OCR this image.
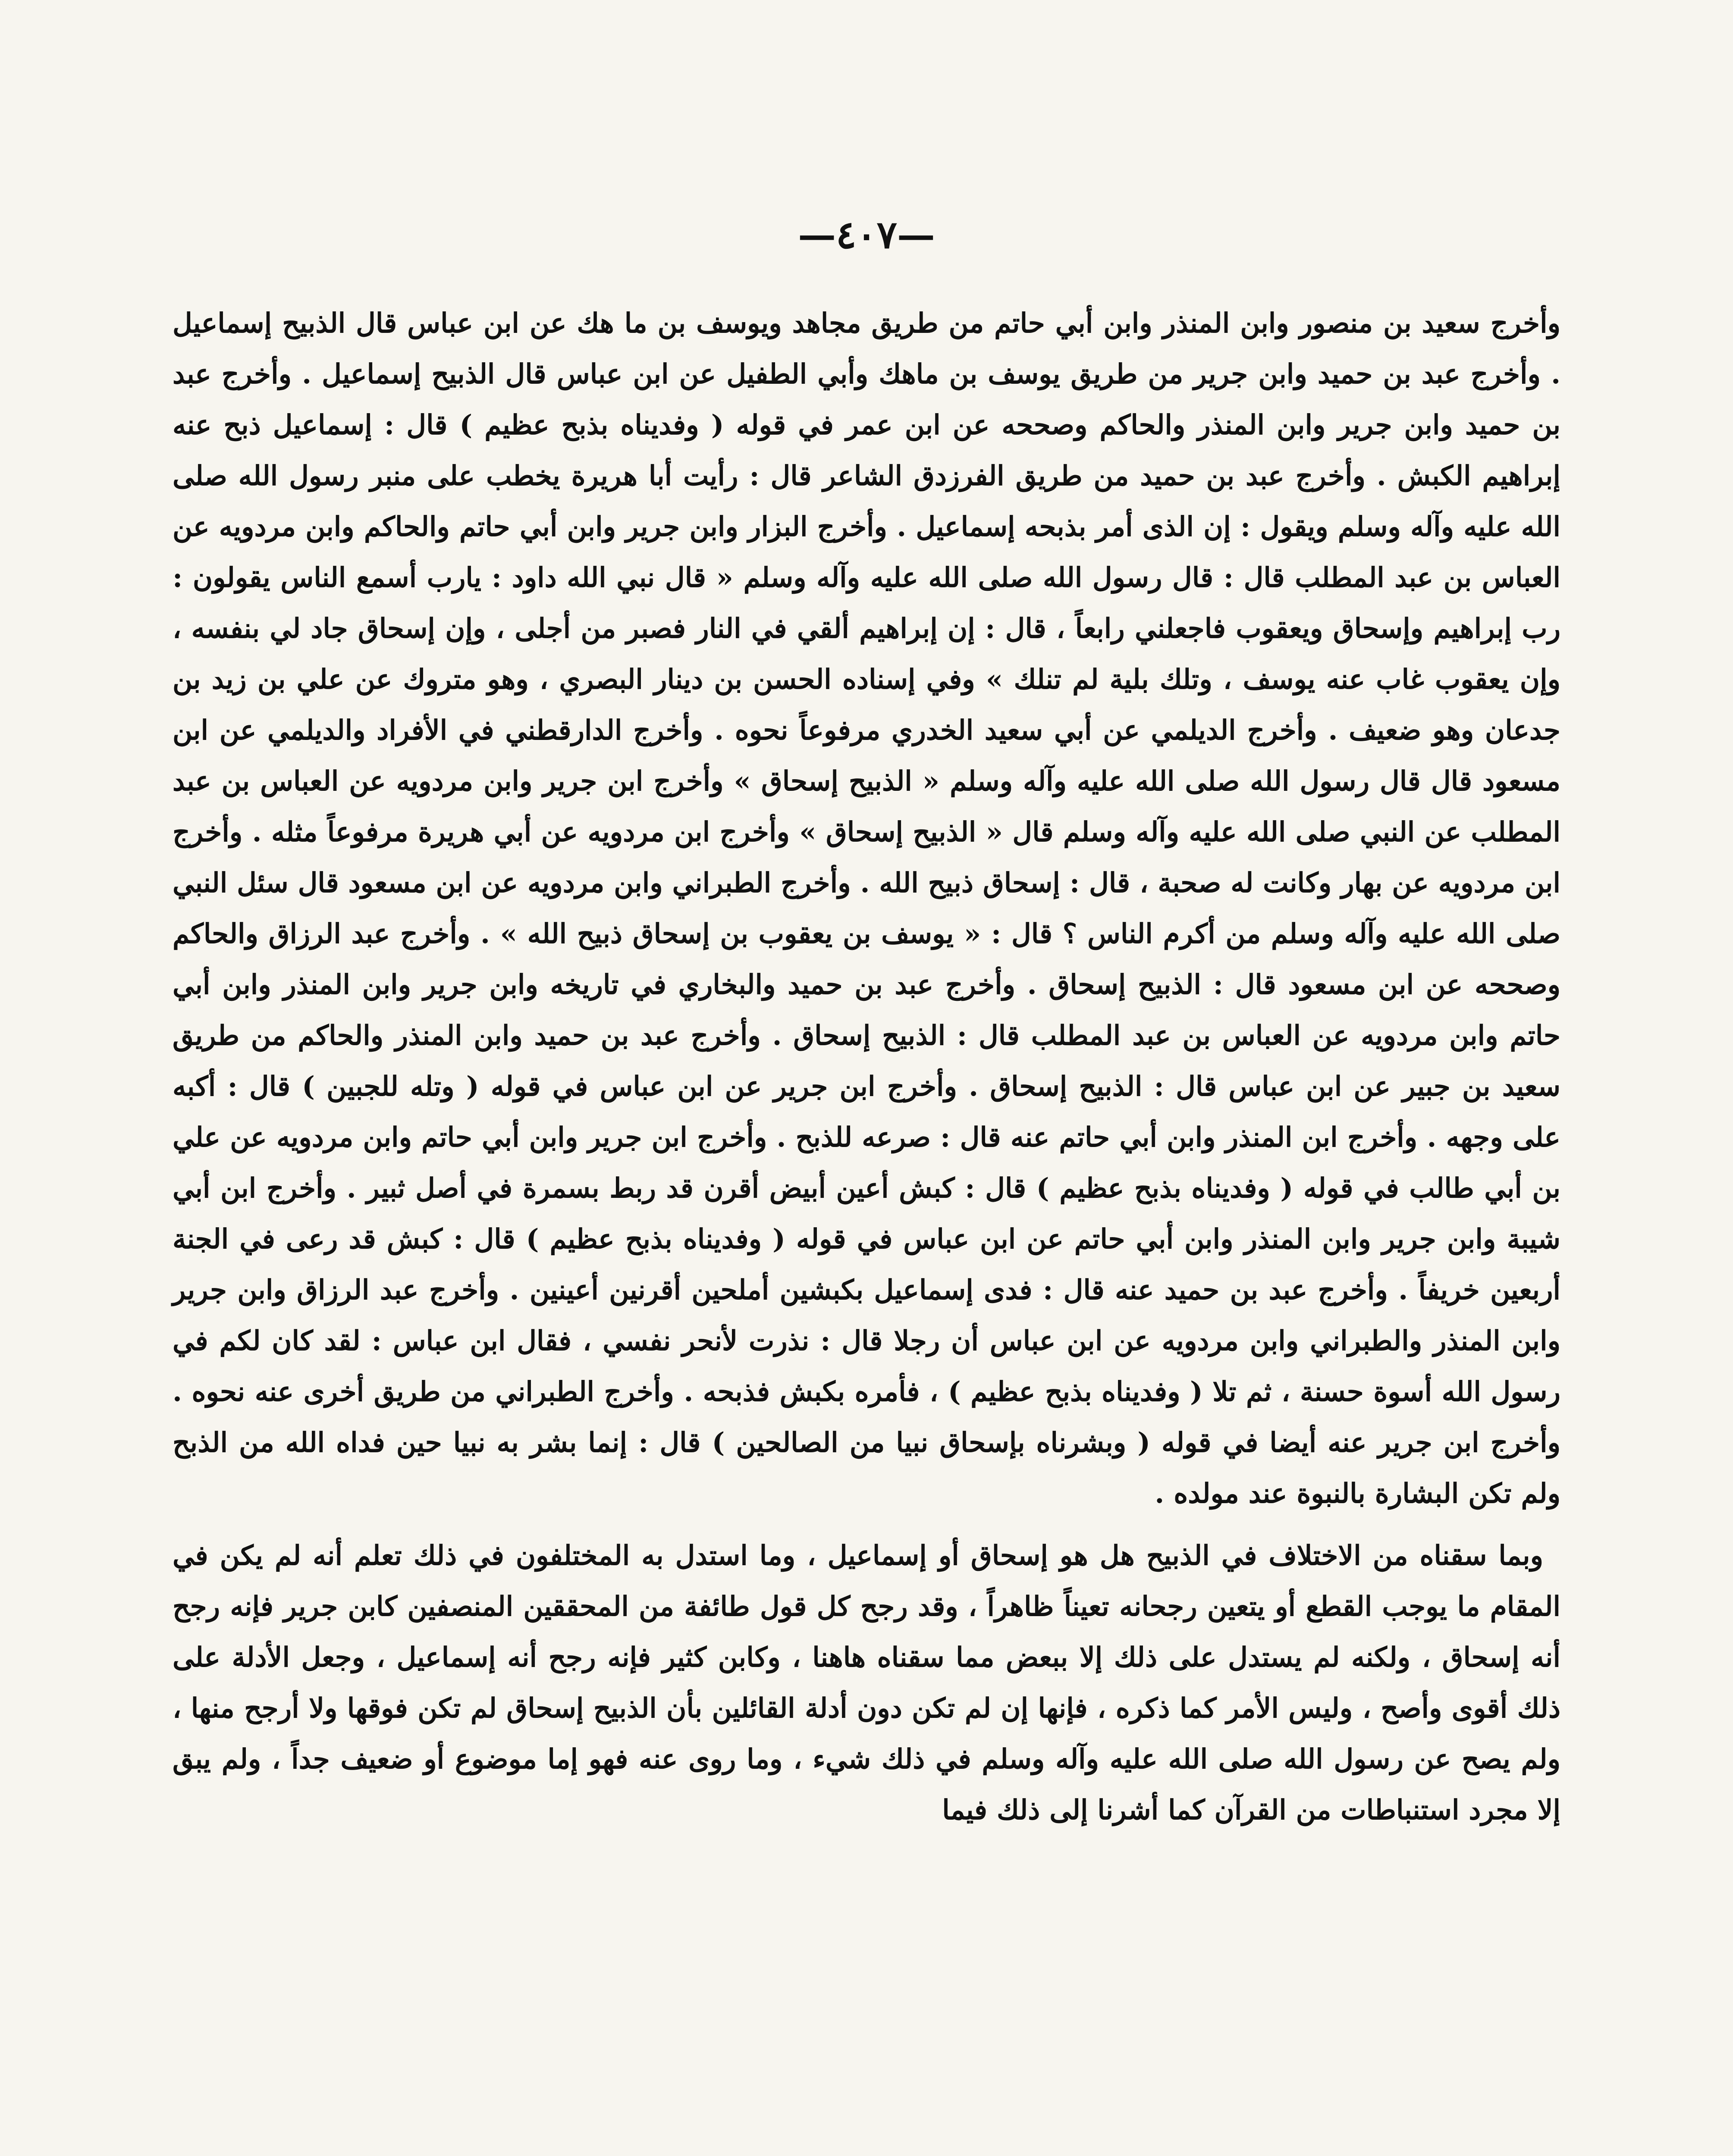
—٤٠٧—

وأخرج سعيد بن منصور وابن المنذر وابن أبي حاتم من طريق مجاهد ويوسف بن ما هك عن ابن عباس قال الذبيح إسماعيل . وأخرج عبد بن حميد وابن جرير من طريق يوسف بن ماهك وأبي الطفيل عن ابن عباس قال الذبيح إسماعيل . وأخرج عبد بن حميد وابن جرير وابن المنذر والحاكم وصححه عن ابن عمر في قوله ( وفديناه بذبح عظيم ) قال : إسماعيل ذبح عنه إبراهيم الكبش . وأخرج عبد بن حميد من طريق الفرزدق الشاعر قال : رأيت أبا هريرة يخطب على منبر رسول الله صلى الله عليه وآله وسلم ويقول : إن الذى أمر بذبحه إسماعيل . وأخرج البزار وابن جرير وابن أبي حاتم والحاكم وابن مردويه عن العباس بن عبد المطلب قال : قال رسول الله صلى الله عليه وآله وسلم « قال نبي الله داود : يارب أسمع الناس يقولون : رب إبراهيم وإسحاق ويعقوب فاجعلني رابعاً ، قال : إن إبراهيم ألقي في النار فصبر من أجلى ، وإن إسحاق جاد لي بنفسه ، وإن يعقوب غاب عنه يوسف ، وتلك بلية لم تنلك » وفي إسناده الحسن بن دينار البصري ، وهو متروك عن علي بن زيد بن جدعان وهو ضعيف . وأخرج الديلمي عن أبي سعيد الخدري مرفوعاً نحوه . وأخرج الدارقطني في الأفراد والديلمي عن ابن مسعود قال قال رسول الله صلى الله عليه وآله وسلم « الذبيح إسحاق » وأخرج ابن جرير وابن مردويه عن العباس بن عبد المطلب عن النبي صلى الله عليه وآله وسلم قال « الذبيح إسحاق » وأخرج ابن مردويه عن أبي هريرة مرفوعاً مثله . وأخرج ابن مردويه عن بهار وكانت له صحبة ، قال : إسحاق ذبيح الله . وأخرج الطبراني وابن مردويه عن ابن مسعود قال سئل النبي صلى الله عليه وآله وسلم من أكرم الناس ؟ قال : « يوسف بن يعقوب بن إسحاق ذبيح الله » . وأخرج عبد الرزاق والحاكم وصححه عن ابن مسعود قال : الذبيح إسحاق . وأخرج عبد بن حميد والبخاري في تاريخه وابن جرير وابن المنذر وابن أبي حاتم وابن مردويه عن العباس بن عبد المطلب قال : الذبيح إسحاق . وأخرج عبد بن حميد وابن المنذر والحاكم من طريق سعيد بن جبير عن ابن عباس قال : الذبيح إسحاق . وأخرج ابن جرير عن ابن عباس في قوله ( وتله للجبين ) قال : أكبه على وجهه . وأخرج ابن المنذر وابن أبي حاتم عنه قال : صرعه للذبح . وأخرج ابن جرير وابن أبي حاتم وابن مردويه عن علي بن أبي طالب في قوله ( وفديناه بذبح عظيم ) قال : كبش أعين أبيض أقرن قد ربط بسمرة في أصل ثبير . وأخرج ابن أبي شيبة وابن جرير وابن المنذر وابن أبي حاتم عن ابن عباس في قوله ( وفديناه بذبح عظيم ) قال : كبش قد رعى في الجنة أربعين خريفاً . وأخرج عبد بن حميد عنه قال : فدى إسماعيل بكبشين أملحين أقرنين أعينين . وأخرج عبد الرزاق وابن جرير وابن المنذر والطبراني وابن مردويه عن ابن عباس أن رجلا قال : نذرت لأنحر نفسي ، فقال ابن عباس : لقد كان لكم في رسول الله أسوة حسنة ، ثم تلا ( وفديناه بذبح عظيم ) ، فأمره بكبش فذبحه . وأخرج الطبراني من طريق أخرى عنه نحوه . وأخرج ابن جرير عنه أيضا في قوله ( وبشرناه بإسحاق نبيا من الصالحين ) قال : إنما بشر به نبيا حين فداه الله من الذبح ولم تكن البشارة بالنبوة عند مولده .

وبما سقناه من الاختلاف في الذبيح هل هو إسحاق أو إسماعيل ، وما استدل به المختلفون في ذلك تعلم أنه لم يكن في المقام ما يوجب القطع أو يتعين رجحانه تعيناً ظاهراً ، وقد رجح كل قول طائفة من المحققين المنصفين كابن جرير فإنه رجح أنه إسحاق ، ولكنه لم يستدل على ذلك إلا ببعض مما سقناه هاهنا ، وكابن كثير فإنه رجح أنه إسماعيل ، وجعل الأدلة على ذلك أقوى وأصح ، وليس الأمر كما ذكره ، فإنها إن لم تكن دون أدلة القائلين بأن الذبيح إسحاق لم تكن فوقها ولا أرجح منها ، ولم يصح عن رسول الله صلى الله عليه وآله وسلم في ذلك شيء ، وما روى عنه فهو إما موضوع أو ضعيف جداً ، ولم يبق إلا مجرد استنباطات من القرآن كما أشرنا إلى ذلك فيما
